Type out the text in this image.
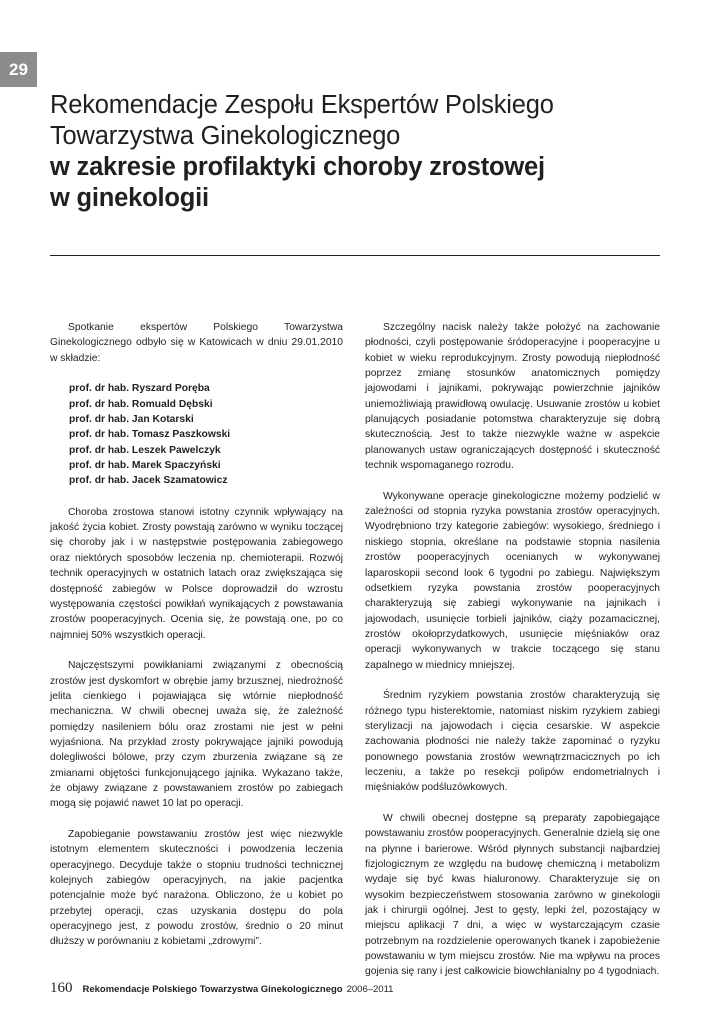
29
Rekomendacje Zespołu Ekspertów Polskiego
Towarzystwa Ginekologicznego
w zakresie profilaktyki choroby zrostowej
w ginekologii

Spotkanie ekspertów Polskiego Towarzystwa Ginekologicznego odbyło się w Katowicach w dniu 29.01.2010 w składzie:

prof. dr hab. Ryszard Poręba
prof. dr hab. Romuald Dębski
prof. dr hab. Jan Kotarski
prof. dr hab. Tomasz Paszkowski
prof. dr hab. Leszek Pawelczyk
prof. dr hab. Marek Spaczyński
prof. dr hab. Jacek Szamatowicz

Choroba zrostowa stanowi istotny czynnik wpływający na jakość życia kobiet. Zrosty powstają zarówno w wyniku toczącej się choroby jak i w następstwie postępowania zabiegowego oraz niektórych sposobów leczenia np. chemioterapii. Rozwój technik operacyjnych w ostatnich latach oraz zwiększająca się dostępność zabiegów w Polsce doprowadził do wzrostu występowania częstości powikłań wynikających z powstawania zrostów pooperacyjnych. Ocenia się, że powstają one, po co najmniej 50% wszystkich operacji.

Najczęstszymi powikłaniami związanymi z obecnością zrostów jest dyskomfort w obrębie jamy brzusznej, niedrożność jelita cienkiego i pojawiająca się wtórnie niepłodność mechaniczna. W chwili obecnej uważa się, że zależność pomiędzy nasileniem bólu oraz zrostami nie jest w pełni wyjaśniona. Na przykład zrosty pokrywające jajniki powodują dolegliwości bólowe, przy czym zburzenia związane są ze zmianami objętości funkcjonującego jajnika. Wykazano także, że objawy związane z powstawaniem zrostów po zabiegach mogą się pojawić nawet 10 lat po operacji.

Zapobieganie powstawaniu zrostów jest więc niezwykle istotnym elementem skuteczności i powodzenia leczenia operacyjnego. Decyduje także o stopniu trudności technicznej kolejnych zabiegów operacyjnych, na jakie pacjentka potencjalnie może być narażona. Obliczono, że u kobiet po przebytej operacji, czas uzyskania dostępu do pola operacyjnego jest, z powodu zrostów, średnio o 20 minut dłuższy w porównaniu z kobietami „zdrowymi”.

Szczególny nacisk należy także położyć na zachowanie płodności, czyli postępowanie śródoperacyjne i pooperacyjne u kobiet w wieku reprodukcyjnym. Zrosty powodują niepłodność poprzez zmianę stosunków anatomicznych pomiędzy jajowodami i jajnikami, pokrywając powierzchnie jajników uniemożliwiają prawidłową owulację. Usuwanie zrostów u kobiet planujących posiadanie potomstwa charakteryzuje się dobrą skutecznością. Jest to także niezwykle ważne w aspekcie planowanych ustaw ograniczających dostępność i skuteczność technik wspomaganego rozrodu.

Wykonywane operacje ginekologiczne możemy podzielić w zależności od stopnia ryzyka powstania zrostów operacyjnych. Wyodrębniono trzy kategorie zabiegów: wysokiego, średniego i niskiego stopnia, określane na podstawie stopnia nasilenia zrostów pooperacyjnych ocenianych w wykonywanej laparoskopii second look 6 tygodni po zabiegu. Największym odsetkiem ryzyka powstania zrostów pooperacyjnych charakteryzują się zabiegi wykonywanie na jajnikach i jajowodach, usunięcie torbieli jajników, ciąży pozamacicznej, zrostów okołoprzydatkowych, usunięcie mięśniaków oraz operacji wykonywanych w trakcie toczącego się stanu zapalnego w miednicy mniejszej.

Średnim ryzykiem powstania zrostów charakteryzują się różnego typu histerektomie, natomiast niskim ryzykiem zabiegi sterylizacji na jajowodach i cięcia cesarskie. W aspekcie zachowania płodności nie należy także zapominać o ryzyku ponownego powstania zrostów wewnątrzmacicznych po ich leczeniu, a także po resekcji polipów endometrialnych i mięśniaków podśluzówkowych.

W chwili obecnej dostępne są preparaty zapobiegające powstawaniu zrostów pooperacyjnych. Generalnie dzielą się one na płynne i barierowe. Wśród płynnych substancji najbardziej fizjologicznym ze względu na budowę chemiczną i metabolizm wydaje się być kwas hialuronowy. Charakteryzuje się on wysokim bezpieczeństwem stosowania zarówno w ginekologii jak i chirurgii ogólnej. Jest to gęsty, lepki żel, pozostający w miejscu aplikacji 7 dni, a więc w wystarczającym czasie potrzebnym na rozdzielenie operowanych tkanek i zapobieżenie powstawaniu w tym miejscu zrostów. Nie ma wpływu na proces gojenia się rany i jest całkowicie biowchłanialny po 4 tygodniach.

160 Rekomendacje Polskiego Towarzystwa Ginekologicznego 2006–2011
